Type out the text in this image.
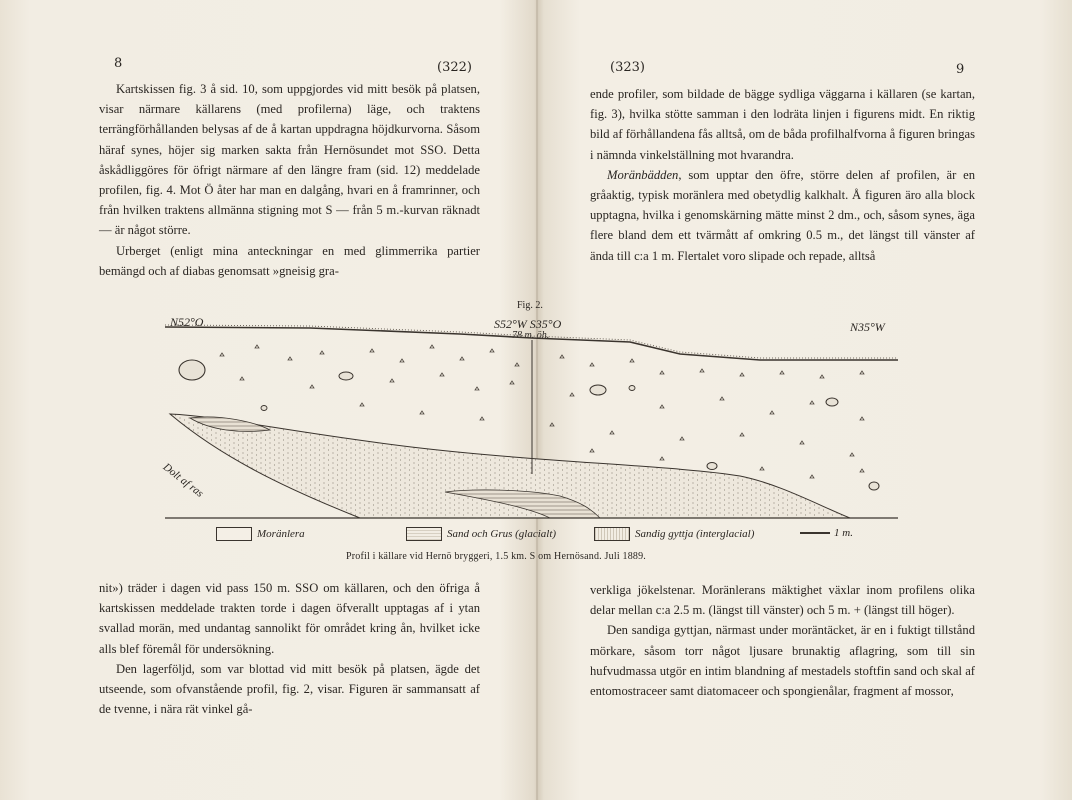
8	(322)

Kartskissen fig. 3 å sid. 10, som uppgjordes vid mitt besök på platsen, visar närmare källarens (med profilerna) läge, och traktens terrängförhållanden belysas af de å kartan uppdragna höjdkurvorna. Såsom häraf synes, höjer sig marken sakta från Hernösundet mot SSO. Detta åskådliggöres för öfrigt närmare af den längre fram (sid. 12) meddelade profilen, fig. 4. Mot Ö åter har man en dalgång, hvari en å framrinner, och från hvilken traktens allmänna stigning mot S — från 5 m.-kurvan räknadt — är något större.

Urberget (enligt mina anteckningar en med glimmerrika partier bemängd och af diabas genomsatt »gneisig gra-

nit») träder i dagen vid pass 150 m. SSO om källaren, och den öfriga å kartskissen meddelade trakten torde i dagen öfverallt upptagas af i ytan svallad morän, med undantag sannolikt för området kring ån, hvilket icke alls blef föremål för undersökning.

Den lagerföljd, som var blottad vid mitt besök på platsen, ägde det utseende, som ofvanstående profil, fig. 2, visar. Figuren är sammansatt af de tvenne, i nära rät vinkel gå-

(323)	9

ende profiler, som bildade de bägge sydliga väggarna i källaren (se kartan, fig. 3), hvilka stötte samman i den lodräta linjen i figurens midt. En riktig bild af förhållandena fås alltså, om de båda profilhalfvorna å figuren bringas i nämnda vinkelställning mot hvarandra.

Moränbädden, som upptar den öfre, större delen af profilen, är en gråaktig, typisk moränlera med obetydlig kalkhalt. Å figuren äro alla block upptagna, hvilka i genomskärning mätte minst 2 dm., och, såsom synes, äga flere bland dem ett tvärmått af omkring 0.5 m., det längst till vänster af ända till c:a 1 m. Flertalet voro slipade och repade, alltså

verkliga jökelstenar. Moränlerans mäktighet växlar inom profilens olika delar mellan c:a 2.5 m. (längst till vänster) och 5 m. + (längst till höger).

Den sandiga gyttjan, närmast under moräntäcket, är en i fuktigt tillstånd mörkare, såsom torr något ljusare brunaktig aflagring, som till sin hufvudmassa utgör en intim blandning af mestadels stoftfin sand och skal af entomostraceer samt diatomaceer och spongienålar, fragment af mossor,

Fig. 2.
N52°O	S52°W S35°O
78 m. öh.
N35°W
Dolt af ras
Moränlera	Sand och Grus (glacialt)	Sandig gyttja (interglacial)	1 m.
Profil i källare vid Hernö bryggeri, 1.5 km. S om Hernösand. Juli 1889.
